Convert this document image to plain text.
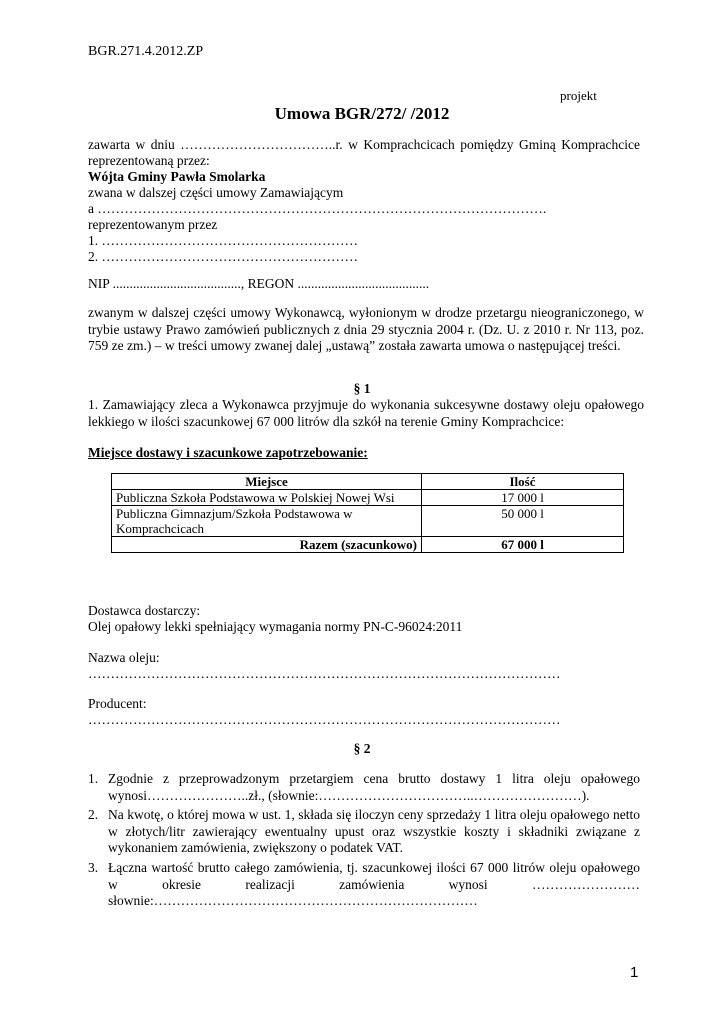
BGR.271.4.2012.ZP
projekt
Umowa BGR/272/ /2012
zawarta w dniu ……………………………..r. w Komprachcicach pomiędzy Gminą Komprachcice
reprezentowaną przez:
Wójta Gminy Pawła Smolarka
zwana w dalszej części umowy Zamawiającym
a ……………………………………………………………………………………….
reprezentowanym przez
1. …………………………………………………
2. …………………………………………………
NIP ......................................, REGON .......................................
zwanym w dalszej części umowy Wykonawcą, wyłonionym w drodze przetargu nieograniczonego, w trybie ustawy Prawo zamówień publicznych z dnia 29 stycznia 2004 r. (Dz. U. z 2010 r. Nr 113, poz. 759 ze zm.) – w treści umowy zwanej dalej „ustawą” została zawarta umowa o następującej treści.
§ 1
1. Zamawiający zleca a Wykonawca przyjmuje do wykonania sukcesywne dostawy oleju opałowego lekkiego w ilości szacunkowej 67 000 litrów dla szkół na terenie Gminy Komprachcice:
Miejsce dostawy i szacunkowe zapotrzebowanie:
Miejsce	Ilość
Publiczna Szkoła Podstawowa w Polskiej Nowej Wsi	17 000 l
Publiczna Gimnazjum/Szkoła Podstawowa w Komprachcicach	50 000 l
Razem (szacunkowo)	67 000 l
Dostawca dostarczy:
Olej opałowy lekki spełniający wymagania normy PN-C-96024:2011
Nazwa oleju:
……………………………………………………………………………………………
Producent:
……………………………………………………………………………………………
§ 2
1. Zgodnie z przeprowadzonym przetargiem cena brutto dostawy 1 litra oleju opałowego wynosi…………………..zł., (słownie:……………………………..……………………).
2. Na kwotę, o której mowa w ust. 1, składa się iloczyn ceny sprzedaży 1 litra oleju opałowego netto w złotych/litr zawierający ewentualny upust oraz wszystkie koszty i składniki związane z wykonaniem zamówienia, zwiększony o podatek VAT.
3. Łączna wartość brutto całego zamówienia, tj. szacunkowej ilości 67 000 litrów oleju opałowego w okresie realizacji zamówienia wynosi ……………………słownie:………………………………………………………………
1
